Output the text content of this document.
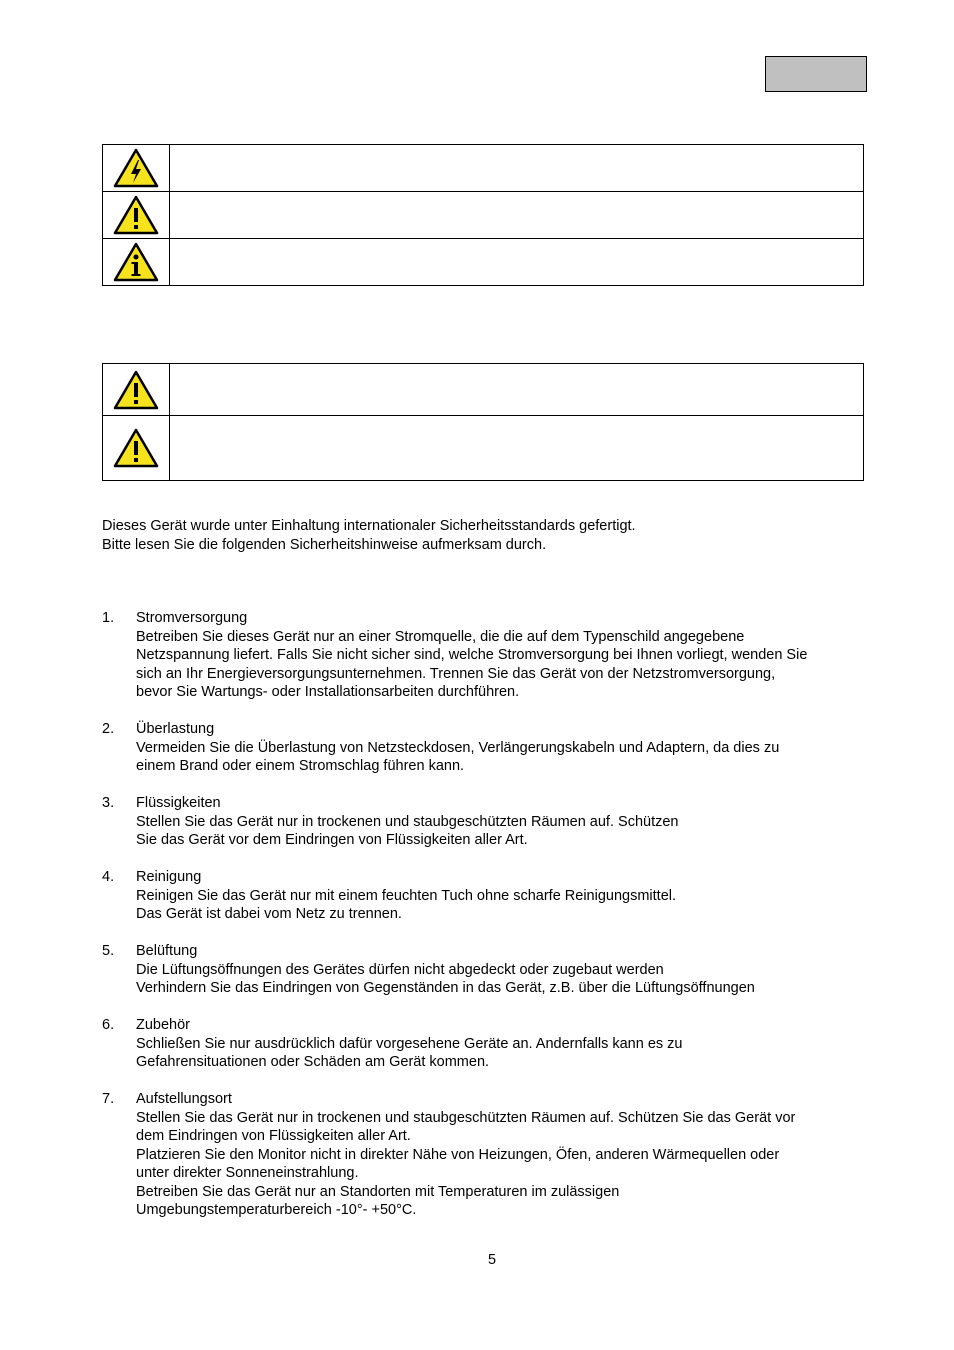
Dieses Gerät wurde unter Einhaltung internationaler Sicherheitsstandards gefertigt.

Bitte lesen Sie die folgenden Sicherheitshinweise aufmerksam durch.

1. Stromversorgung

Betreiben Sie dieses Gerät nur an einer Stromquelle, die die auf dem Typenschild angegebene

Netzspannung liefert. Falls Sie nicht sicher sind, welche Stromversorgung bei Ihnen vorliegt, wenden Sie

sich an Ihr Energieversorgungsunternehmen. Trennen Sie das Gerät von der Netzstromversorgung,

bevor Sie Wartungs- oder Installationsarbeiten durchführen.

2. Überlastung

Vermeiden Sie die Überlastung von Netzsteckdosen, Verlängerungskabeln und Adaptern, da dies zu

einem Brand oder einem Stromschlag führen kann.

3. Flüssigkeiten

Stellen Sie das Gerät nur in trockenen und staubgeschützten Räumen auf. Schützen

Sie das Gerät vor dem Eindringen von Flüssigkeiten aller Art.

4. Reinigung

Reinigen Sie das Gerät nur mit einem feuchten Tuch ohne scharfe Reinigungsmittel.

Das Gerät ist dabei vom Netz zu trennen.

5. Belüftung

Die Lüftungsöffnungen des Gerätes dürfen nicht abgedeckt oder zugebaut werden

Verhindern Sie das Eindringen von Gegenständen in das Gerät, z.B. über die Lüftungsöffnungen

6. Zubehör

Schließen Sie nur ausdrücklich dafür vorgesehene Geräte an. Andernfalls kann es zu

Gefahrensituationen oder Schäden am Gerät kommen.

7. Aufstellungsort

Stellen Sie das Gerät nur in trockenen und staubgeschützten Räumen auf. Schützen Sie das Gerät vor

dem Eindringen von Flüssigkeiten aller Art.

Platzieren Sie den Monitor nicht in direkter Nähe von Heizungen, Öfen, anderen Wärmequellen oder

unter direkter Sonneneinstrahlung.

Betreiben Sie das Gerät nur an Standorten mit Temperaturen im zulässigen

Umgebungstemperaturbereich -10°- +50°C.

5
